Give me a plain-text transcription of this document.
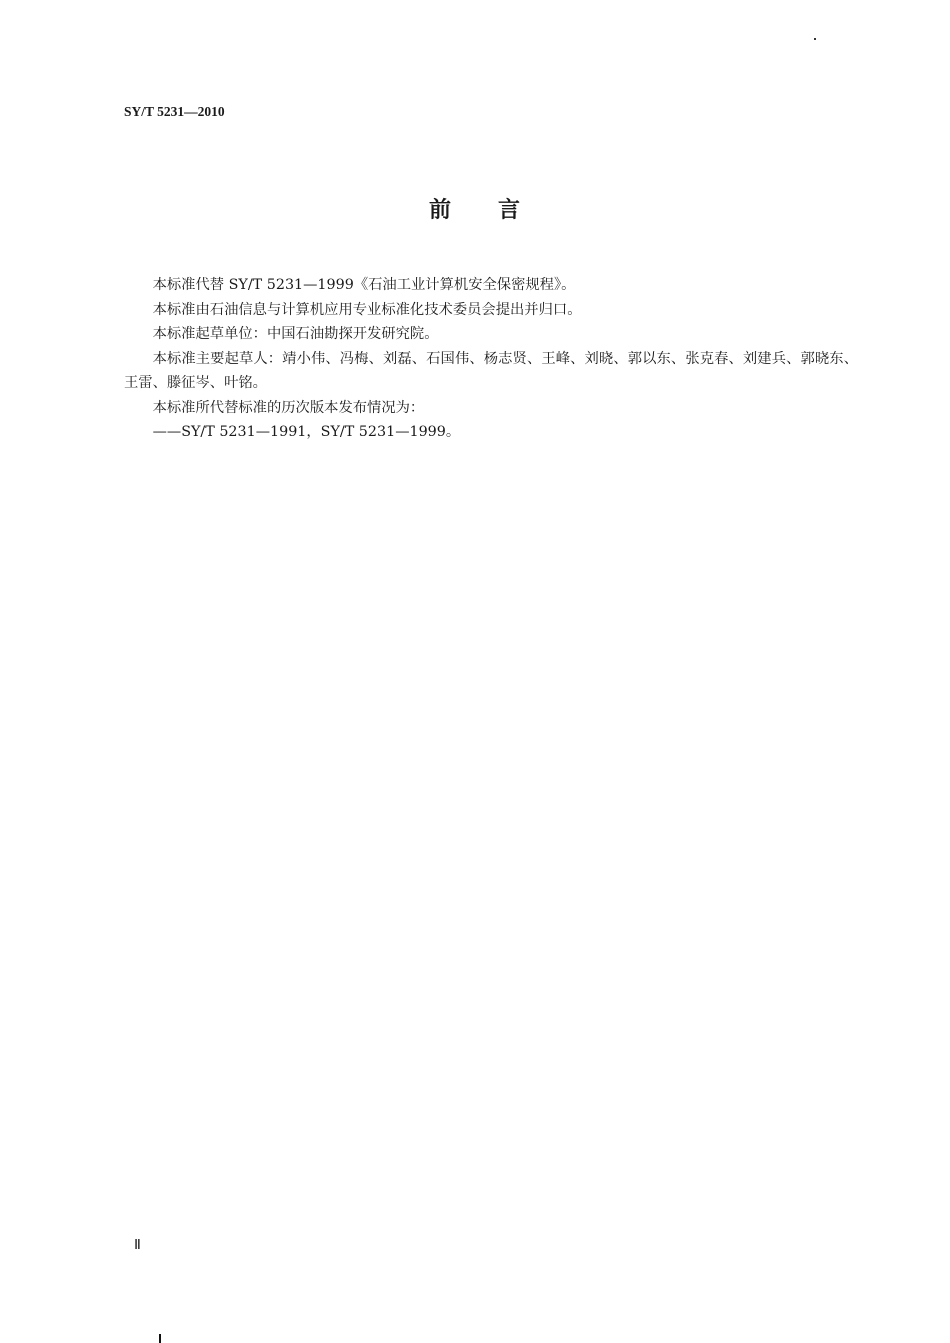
SY/T 5231—2010
前 言

本标准代替 SY/T 5231—1999《石油工业计算机安全保密规程》。

本标准由石油信息与计算机应用专业标准化技术委员会提出并归口。

本标准起草单位：中国石油勘探开发研究院。

本标准主要起草人：靖小伟、冯梅、刘磊、石国伟、杨志贤、王峰、刘晓、郭以东、张克春、刘建兵、郭晓东、王雷、滕征岑、叶铭。

本标准所代替标准的历次版本发布情况为：

——SY/T 5231—1991，SY/T 5231—1999。

Ⅱ
